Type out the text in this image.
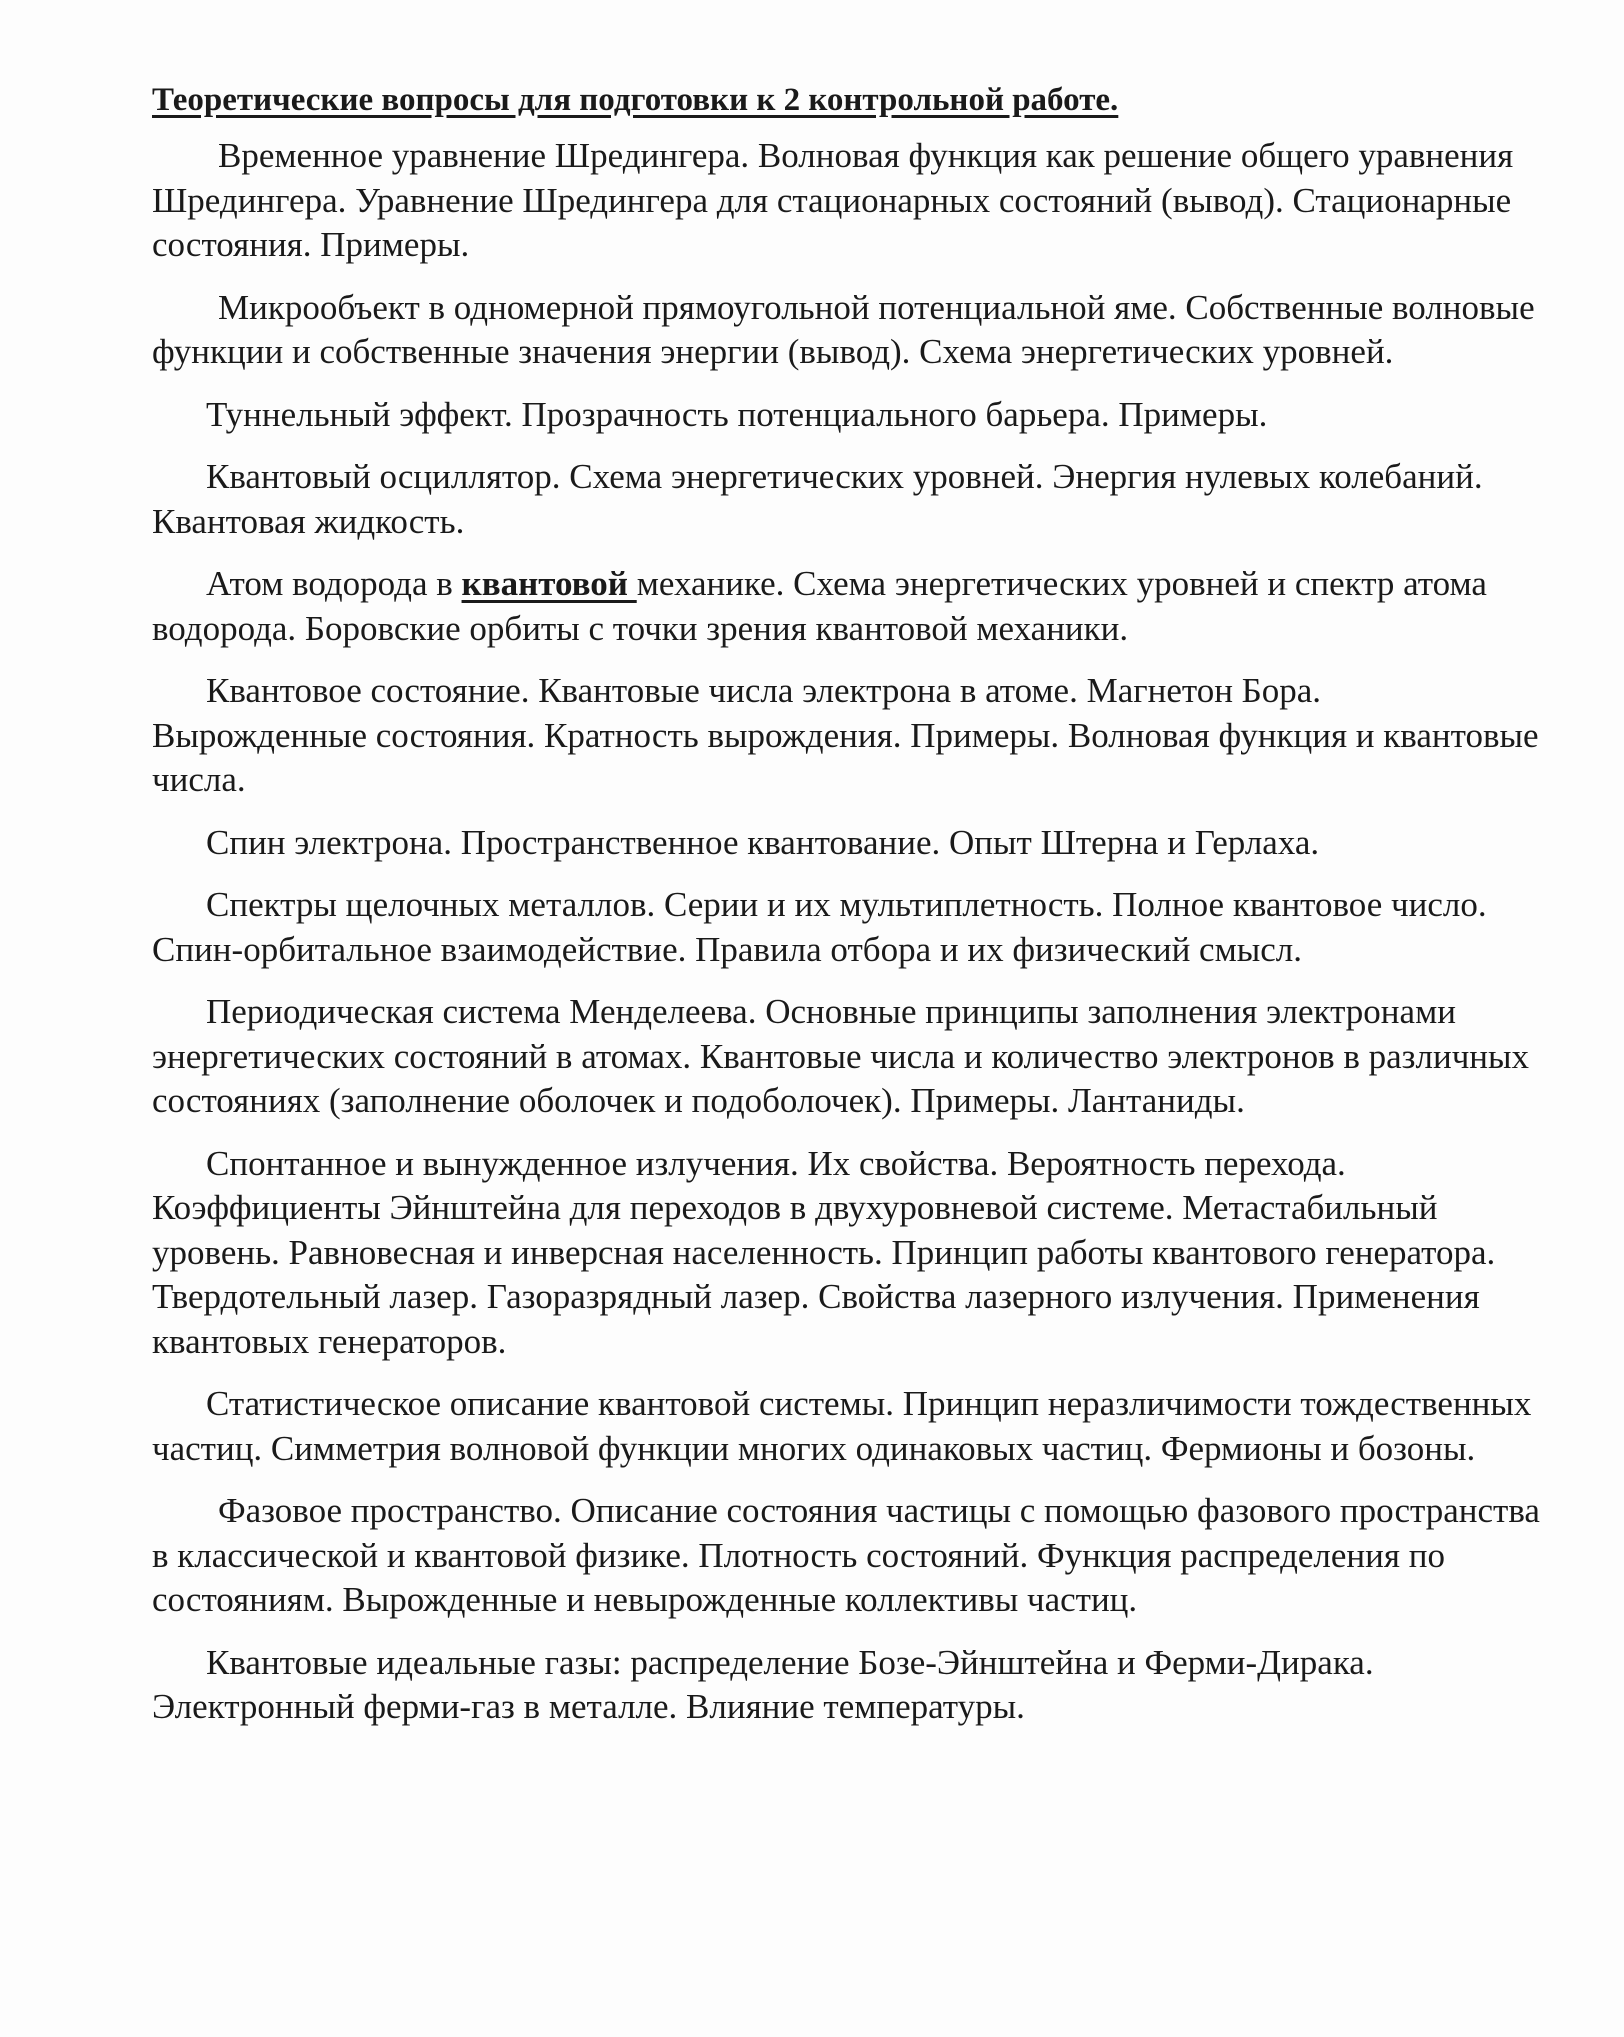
Теоретические вопросы для подготовки к 2 контрольной работе.

Временное уравнение Шредингера. Волновая функция как решение общего уравнения Шредингера. Уравнение Шредингера для стационарных состояний (вывод). Стационарные состояния. Примеры.

Микрообъект в одномерной прямоугольной потенциальной яме. Собственные волновые функции и собственные значения энергии (вывод). Схема энергетических уровней.

Туннельный эффект. Прозрачность потенциального барьера. Примеры.

Квантовый осциллятор. Схема энергетических уровней. Энергия нулевых колебаний. Квантовая жидкость.

Атом водорода в квантовой механике. Схема энергетических уровней и спектр атома водорода. Боровские орбиты с точки зрения квантовой механики.

Квантовое состояние. Квантовые числа электрона в атоме. Магнетон Бора. Вырожденные состояния. Кратность вырождения. Примеры. Волновая функция и квантовые числа.

Спин электрона. Пространственное квантование. Опыт Штерна и Герлаха.

Спектры щелочных металлов. Серии и их мультиплетность. Полное квантовое число. Спин-орбитальное взаимодействие. Правила отбора и их физический смысл.

Периодическая система Менделеева. Основные принципы заполнения электронами энергетических состояний в атомах. Квантовые числа и количество электронов в различных состояниях (заполнение оболочек и подоболочек). Примеры. Лантаниды.

Спонтанное и вынужденное излучения. Их свойства. Вероятность перехода. Коэффициенты Эйнштейна для переходов в двухуровневой системе. Метастабильный уровень. Равновесная и инверсная населенность. Принцип работы квантового генератора. Твердотельный лазер. Газоразрядный лазер. Свойства лазерного излучения. Применения квантовых генераторов.

Статистическое описание квантовой системы. Принцип неразличимости тождественных частиц. Симметрия волновой функции многих одинаковых частиц. Фермионы и бозоны.

Фазовое пространство. Описание состояния частицы с помощью фазового пространства в классической и квантовой физике. Плотность состояний. Функция распределения по состояниям. Вырожденные и невырожденные коллективы частиц.

Квантовые идеальные газы: распределение Бозе-Эйнштейна и Ферми-Дирака. Электронный ферми-газ в металле. Влияние температуры.
